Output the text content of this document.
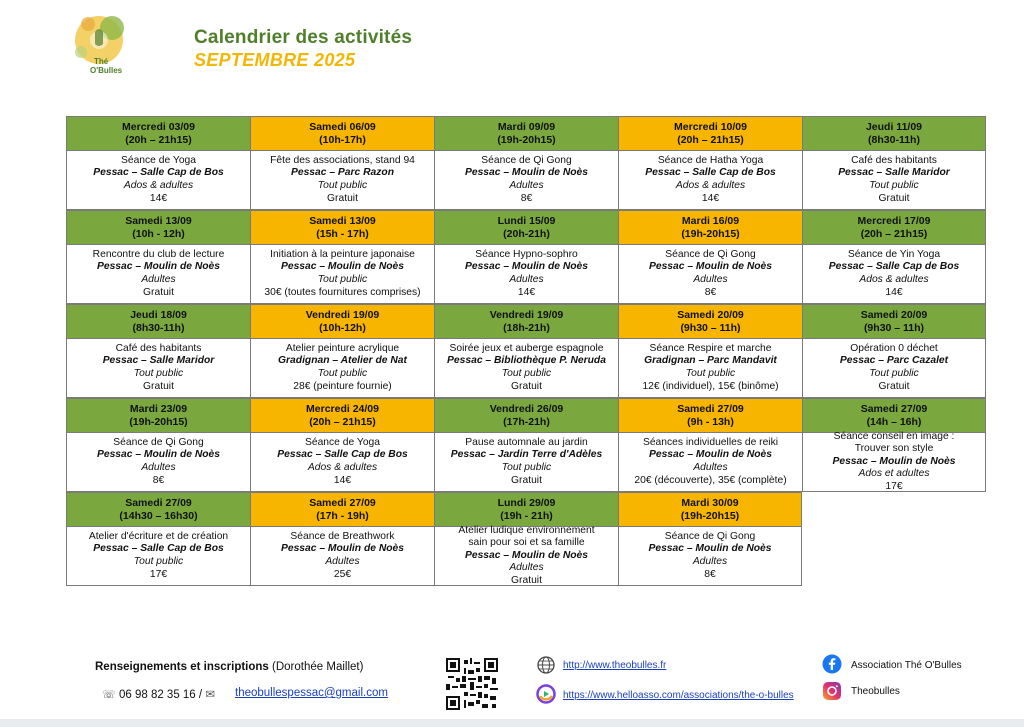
Thé
O'Bulles
Calendrier des activités
SEPTEMBRE 2025
Mercredi 03/09
(20h – 21h15)
Séance de Yoga
Pessac – Salle Cap de Bos
Ados & adultes
14€
Samedi 06/09
(10h-17h)
Fête des associations, stand 94
Pessac – Parc Razon
Tout public
Gratuit
Mardi 09/09
(19h-20h15)
Séance de Qi Gong
Pessac – Moulin de Noès
Adultes
8€
Mercredi 10/09
(20h – 21h15)
Séance de Hatha Yoga
Pessac – Salle Cap de Bos
Ados & adultes
14€
Jeudi 11/09
(8h30-11h)
Café des habitants
Pessac – Salle Maridor
Tout public
Gratuit
Samedi 13/09
(10h - 12h)
Rencontre du club de lecture
Pessac – Moulin de Noès
Adultes
Gratuit
Samedi 13/09
(15h - 17h)
Initiation à la peinture japonaise
Pessac – Moulin de Noès
Tout public
30€ (toutes fournitures comprises)
Lundi 15/09
(20h-21h)
Séance Hypno-sophro
Pessac – Moulin de Noès
Adultes
14€
Mardi 16/09
(19h-20h15)
Séance de Qi Gong
Pessac – Moulin de Noès
Adultes
8€
Mercredi 17/09
(20h – 21h15)
Séance de Yin Yoga
Pessac – Salle Cap de Bos
Ados & adultes
14€
Jeudi 18/09
(8h30-11h)
Café des habitants
Pessac – Salle Maridor
Tout public
Gratuit
Vendredi 19/09
(10h-12h)
Atelier peinture acrylique
Gradignan – Atelier de Nat
Tout public
28€ (peinture fournie)
Vendredi 19/09
(18h-21h)
Soirée jeux et auberge espagnole
Pessac – Bibliothèque P. Neruda
Tout public
Gratuit
Samedi 20/09
(9h30 – 11h)
Séance Respire et marche
Gradignan – Parc Mandavit
Tout public
12€ (individuel), 15€ (binôme)
Samedi 20/09
(9h30 – 11h)
Opération 0 déchet
Pessac – Parc Cazalet
Tout public
Gratuit
Mardi 23/09
(19h-20h15)
Séance de Qi Gong
Pessac – Moulin de Noès
Adultes
8€
Mercredi 24/09
(20h – 21h15)
Séance de Yoga
Pessac – Salle Cap de Bos
Ados & adultes
14€
Vendredi 26/09
(17h-21h)
Pause automnale au jardin
Pessac – Jardin Terre d'Adèles
Tout public
Gratuit
Samedi 27/09
(9h - 13h)
Séances individuelles de reiki
Pessac – Moulin de Noès
Adultes
20€ (découverte), 35€ (complète)
Samedi 27/09
(14h – 16h)
Séance conseil en image :
Trouver son style
Pessac – Moulin de Noès
Ados et adultes
17€
Samedi 27/09
(14h30 – 16h30)
Atelier d'écriture et de création
Pessac – Salle Cap de Bos
Tout public
17€
Samedi 27/09
(17h - 19h)
Séance de Breathwork
Pessac – Moulin de Noès
Adultes
25€
Lundi 29/09
(19h - 21h)
Atelier ludique environnement
sain pour soi et sa famille
Pessac – Moulin de Noès
Adultes
Gratuit
Mardi 30/09
(19h-20h15)
Séance de Qi Gong
Pessac – Moulin de Noès
Adultes
8€
Renseignements et inscriptions (Dorothée Maillet)
☏ 06 98 82 35 16 / ✉ theobullespessac@gmail.com
http://www.theobulles.fr
https://www.helloasso.com/associations/the-o-bulles
Association Thé O'Bulles
Theobulles
